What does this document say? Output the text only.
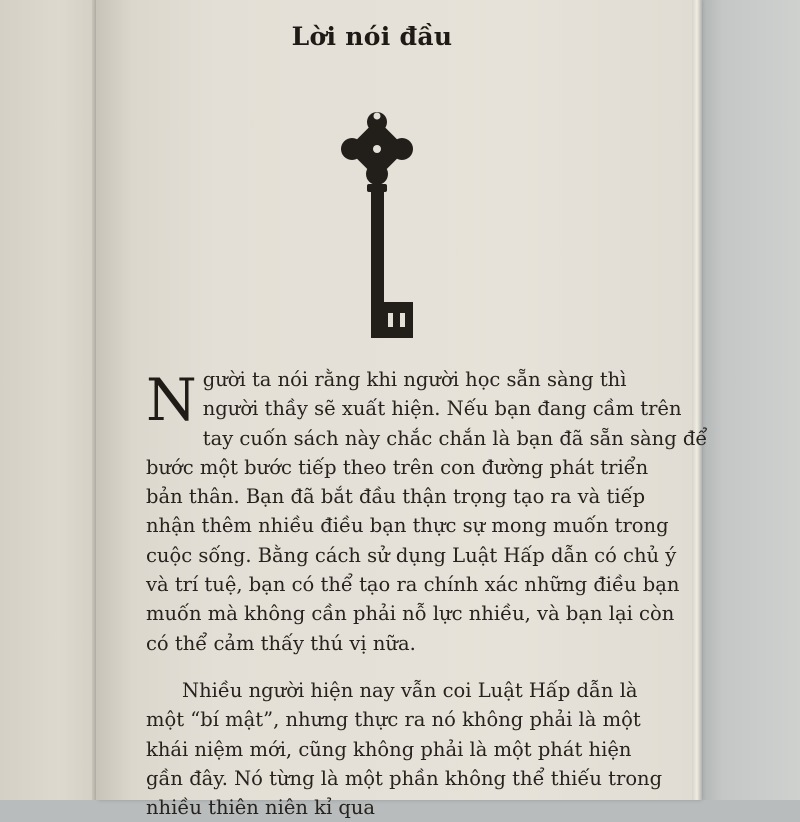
Lời nói đầu

N gười ta nói rằng khi người học sẵn sàng thì
người thầy sẽ xuất hiện. Nếu bạn đang cầm trên
tay cuốn sách này chắc chắn là bạn đã sẵn sàng để
bước một bước tiếp theo trên con đường phát triển
bản thân. Bạn đã bắt đầu thận trọng tạo ra và tiếp
nhận thêm nhiều điều bạn thực sự mong muốn trong
cuộc sống. Bằng cách sử dụng Luật Hấp dẫn có chủ ý
và trí tuệ, bạn có thể tạo ra chính xác những điều bạn
muốn mà không cần phải nỗ lực nhiều, và bạn lại còn
có thể cảm thấy thú vị nữa.

Nhiều người hiện nay vẫn coi Luật Hấp dẫn là
một “bí mật”, nhưng thực ra nó không phải là một
khái niệm mới, cũng không phải là một phát hiện
gần đây. Nó từng là một phần không thể thiếu trong
nhiều thiên niên kỉ qua
